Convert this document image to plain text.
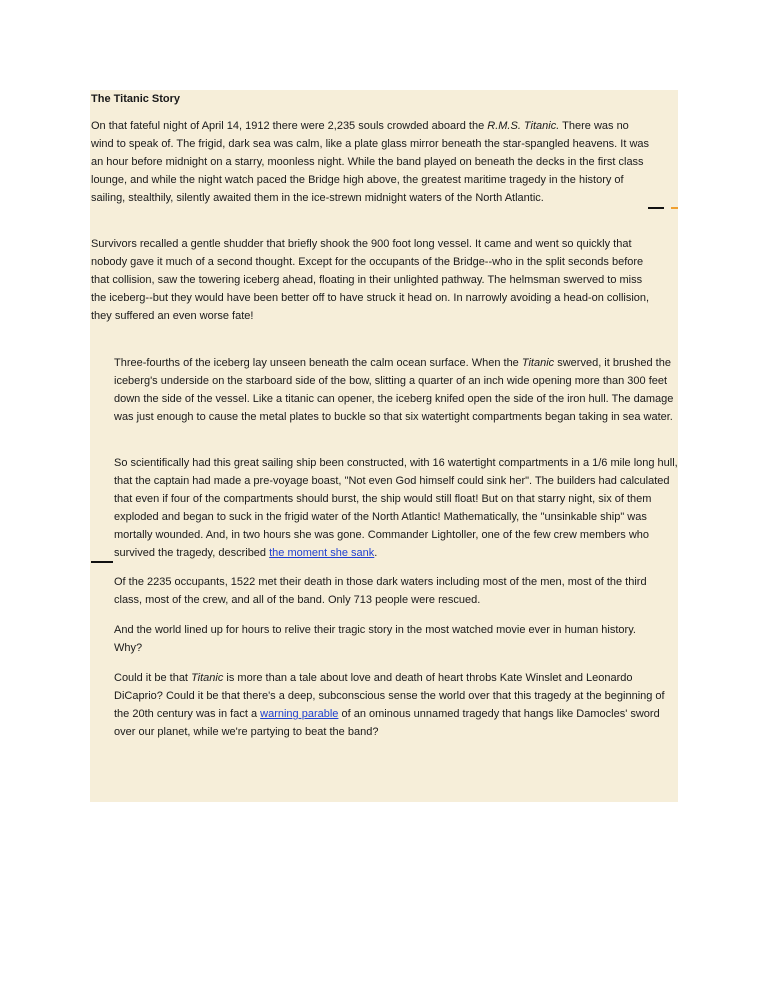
The Titanic Story

On that fateful night of April 14, 1912 there were 2,235 souls crowded aboard the R.M.S. Titanic. There was no wind to speak of. The frigid, dark sea was calm, like a plate glass mirror beneath the star-spangled heavens. It was an hour before midnight on a starry, moonless night. While the band played on beneath the decks in the first class lounge, and while the night watch paced the Bridge high above, the greatest maritime tragedy in the history of sailing, stealthily, silently awaited them in the ice-strewn midnight waters of the North Atlantic.

Survivors recalled a gentle shudder that briefly shook the 900 foot long vessel. It came and went so quickly that nobody gave it much of a second thought. Except for the occupants of the Bridge--who in the split seconds before that collision, saw the towering iceberg ahead, floating in their unlighted pathway. The helmsman swerved to miss the iceberg--but they would have been better off to have struck it head on. In narrowly avoiding a head-on collision, they suffered an even worse fate!

Three-fourths of the iceberg lay unseen beneath the calm ocean surface. When the Titanic swerved, it brushed the iceberg's underside on the starboard side of the bow, slitting a quarter of an inch wide opening more than 300 feet down the side of the vessel. Like a titanic can opener, the iceberg knifed open the side of the iron hull. The damage was just enough to cause the metal plates to buckle so that six watertight compartments began taking in sea water.

So scientifically had this great sailing ship been constructed, with 16 watertight compartments in a 1/6 mile long hull, that the captain had made a pre-voyage boast, "Not even God himself could sink her". The builders had calculated that even if four of the compartments should burst, the ship would still float! But on that starry night, six of them exploded and began to suck in the frigid water of the North Atlantic! Mathematically, the "unsinkable ship" was mortally wounded. And, in two hours she was gone. Commander Lightoller, one of the few crew members who survived the tragedy, described the moment she sank.

Of the 2235 occupants, 1522 met their death in those dark waters including most of the men, most of the third class, most of the crew, and all of the band. Only 713 people were rescued.

And the world lined up for hours to relive their tragic story in the most watched movie ever in human history. Why?

Could it be that Titanic is more than a tale about love and death of heart throbs Kate Winslet and Leonardo DiCaprio? Could it be that there's a deep, subconscious sense the world over that this tragedy at the beginning of the 20th century was in fact a warning parable of an ominous unnamed tragedy that hangs like Damocles' sword over our planet, while we're partying to beat the band?
